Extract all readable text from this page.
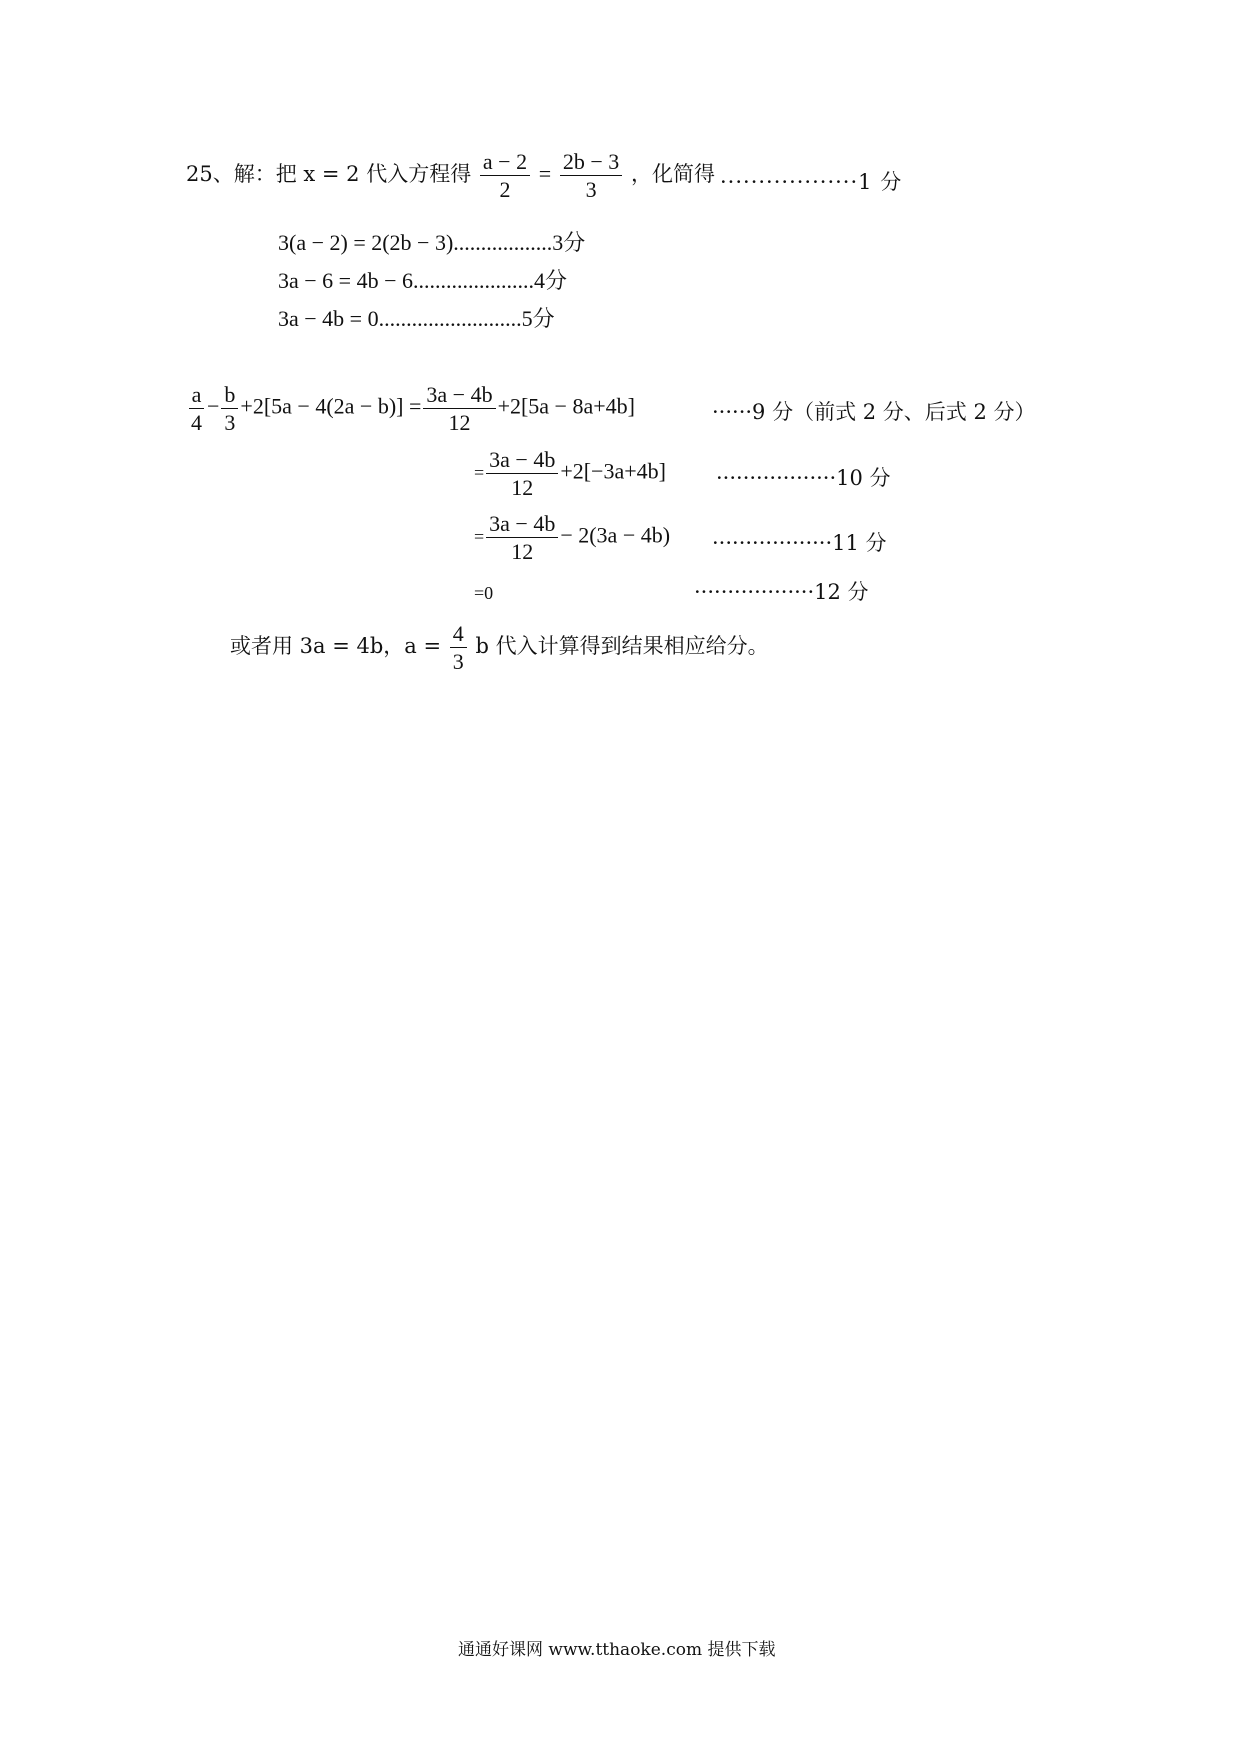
25、解：把 x = 2 代入方程得 $\frac{a - 2}{2} = \frac{2b - 3}{3}$ ，化简得 ··················1 分
3(a − 2) = 2(2b − 3)..................3分
3a − 6 = 4b − 6......................4分
3a − 4b = 0..........................5分
$\frac{a}{4} - \frac{b}{3} +2[5a - 4(2a - b)] = \frac{3a - 4b}{12} +2[5a - 8a+4b]$	······9 分（前式 2 分、后式 2 分）
= $\frac{3a - 4b}{12} +2[-3a+4b] \cdot\cdot\cdot\cdot\cdot\cdot\cdot\cdot\cdot\cdot\cdot\cdot\cdot\cdot\cdot\cdot\cdot\cdot 10$ 分
= $\frac{3a - 4b}{12} - 2(3a - 4b) \cdot\cdot\cdot\cdot\cdot\cdot\cdot\cdot\cdot\cdot\cdot\cdot\cdot\cdot\cdot\cdot\cdot\cdot 11$ 分
=0	··················12 分
或者用 3a = 4b，$a = \frac{4}{3}$ b 代入计算得到结果相应给分。
通通好课网 www.tthaoke.com 提供下载
